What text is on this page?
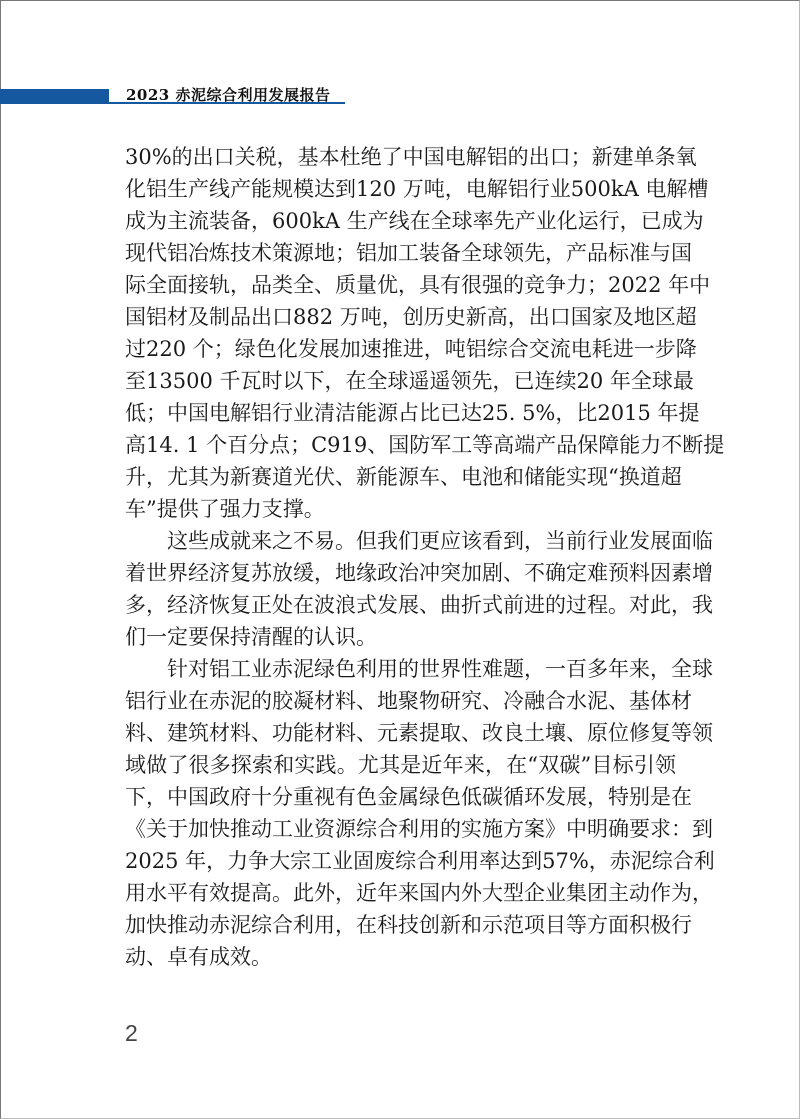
2023 赤泥综合利用发展报告
30%的出口关税，基本杜绝了中国电解铝的出口；新建单条氧
化铝生产线产能规模达到120 万吨，电解铝行业500kA 电解槽
成为主流装备，600kA 生产线在全球率先产业化运行，已成为
现代铝冶炼技术策源地；铝加工装备全球领先，产品标准与国
际全面接轨，品类全、质量优，具有很强的竞争力；2022 年中
国铝材及制品出口882 万吨，创历史新高，出口国家及地区超
过220 个；绿色化发展加速推进，吨铝综合交流电耗进一步降
至13500 千瓦时以下，在全球遥遥领先，已连续20 年全球最
低；中国电解铝行业清洁能源占比已达25. 5%，比2015 年提
高14. 1 个百分点；C919、国防军工等高端产品保障能力不断提
升，尤其为新赛道光伏、新能源车、电池和储能实现“换道超
车”提供了强力支撑。
这些成就来之不易。但我们更应该看到，当前行业发展面临
着世界经济复苏放缓，地缘政治冲突加剧、不确定难预料因素增
多，经济恢复正处在波浪式发展、曲折式前进的过程。对此，我
们一定要保持清醒的认识。
针对铝工业赤泥绿色利用的世界性难题，一百多年来，全球
铝行业在赤泥的胶凝材料、地聚物研究、冷融合水泥、基体材
料、建筑材料、功能材料、元素提取、改良土壤、原位修复等领
域做了很多探索和实践。尤其是近年来，在“双碳”目标引领
下，中国政府十分重视有色金属绿色低碳循环发展，特别是在
《关于加快推动工业资源综合利用的实施方案》中明确要求：到
2025 年，力争大宗工业固废综合利用率达到57%，赤泥综合利
用水平有效提高。此外，近年来国内外大型企业集团主动作为，
加快推动赤泥综合利用，在科技创新和示范项目等方面积极行
动、卓有成效。
2
